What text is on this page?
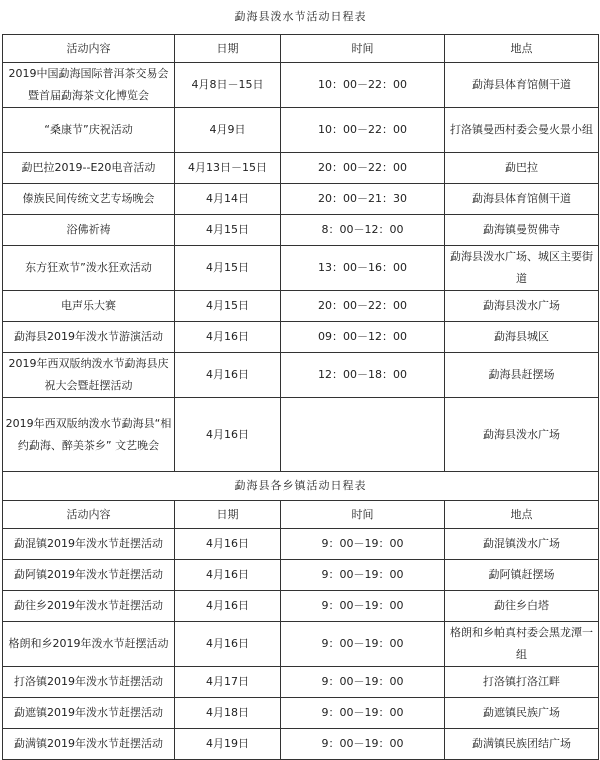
勐海县泼水节活动日程表			
活动内容	日期	时间	地点
2019中国勐海国际普洱茶交易会暨首届勐海茶文化博览会	4月8日－15日	10：00－22：00	勐海县体育馆侧干道
“桑康节”庆祝活动	4月9日	10：00－22：00	打洛镇曼西村委会曼火景小组
勐巴拉2019--E20电音活动	4月13日－15日	20：00－22：00	勐巴拉
傣族民间传统文艺专场晚会	4月14日	20：00－21：30	勐海县体育馆侧干道
浴佛祈祷	4月15日	8：00－12：00	勐海镇曼贺佛寺
东方狂欢节”泼水狂欢活动	4月15日	13：00－16：00	勐海县泼水广场、城区主要街道
电声乐大赛	4月15日	20：00－22：00	勐海县泼水广场
勐海县2019年泼水节游演活动	4月16日	09：00－12：00	勐海县城区
2019年西双版纳泼水节勐海县庆祝大会暨赶摆活动	4月16日	12：00－18：00	勐海县赶摆场
2019年西双版纳泼水节勐海县“相约勐海、醉美茶乡” 文艺晚会	4月16日		勐海县泼水广场
勐海县各乡镇活动日程表			
活动内容	日期	时间	地点
勐混镇2019年泼水节赶摆活动	4月16日	9：00－19：00	勐混镇泼水广场
勐阿镇2019年泼水节赶摆活动	4月16日	9：00－19：00	勐阿镇赶摆场
勐往乡2019年泼水节赶摆活动	4月16日	9：00－19：00	勐往乡白塔
格朗和乡2019年泼水节赶摆活动	4月16日	9：00－19：00	格朗和乡帕真村委会黑龙潭一组
打洛镇2019年泼水节赶摆活动	4月17日	9：00－19：00	打洛镇打洛江畔
勐遮镇2019年泼水节赶摆活动	4月18日	9：00－19：00	勐遮镇民族广场
勐满镇2019年泼水节赶摆活动	4月19日	9：00－19：00	勐满镇民族团结广场
